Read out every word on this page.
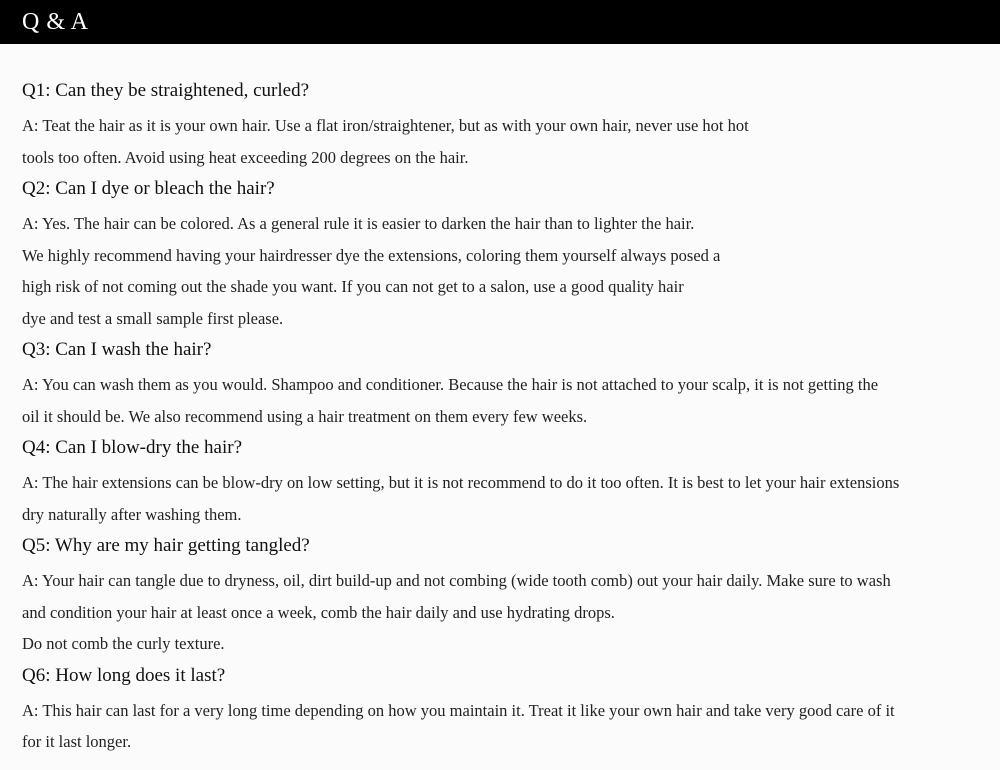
Q & A
Q1: Can they be straightened, curled?
A: Teat the hair as it is your own hair. Use a flat iron/straightener, but as with your own hair, never use hot hot
tools too often. Avoid using heat exceeding 200 degrees on the hair.
Q2: Can I dye or bleach the hair?
A: Yes. The hair can be colored. As a general rule it is easier to darken the hair than to lighter the hair.
We highly recommend having your hairdresser dye the extensions, coloring them yourself always posed a
high risk of not coming out the shade you want. If you can not get to a salon, use a good quality hair
dye and test a small sample first please.
Q3: Can I wash the hair?
A: You can wash them as you would. Shampoo and conditioner. Because the hair is not attached to your scalp, it is not getting the
oil it should be. We also recommend using a hair treatment on them every few weeks.
Q4: Can I blow-dry the hair?
A: The hair extensions can be blow-dry on low setting, but it is not recommend to do it too often. It is best to let your hair extensions
dry naturally after washing them.
Q5: Why are my hair getting tangled?
A: Your hair can tangle due to dryness, oil, dirt build-up and not combing (wide tooth comb) out your hair daily. Make sure to wash
and condition your hair at least once a week, comb the hair daily and use hydrating drops.
Do not comb the curly texture.
Q6: How long does it last?
A: This hair can last for a very long time depending on how you maintain it. Treat it like your own hair and take very good care of it
for it last longer.
